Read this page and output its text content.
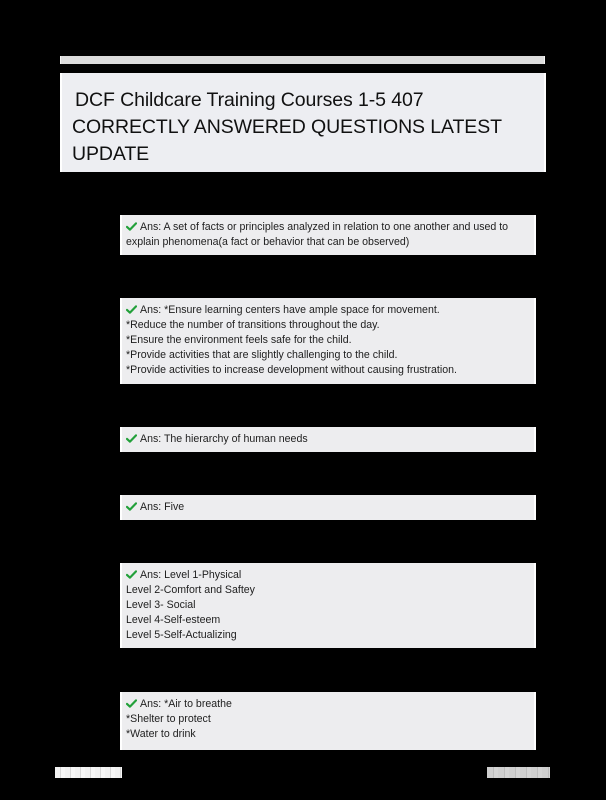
DCF Childcare Training Courses 1-5 407
CORRECTLY ANSWERED QUESTIONS LATEST
UPDATE
Ans: A set of facts or principles analyzed in relation to one another and used to
explain phenomena(a fact or behavior that can be observed)
Ans: *Ensure learning centers have ample space for movement.
*Reduce the number of transitions throughout the day.
*Ensure the environment feels safe for the child.
*Provide activities that are slightly challenging to the child.
*Provide activities to increase development without causing frustration.
Ans: The hierarchy of human needs
Ans: Five
Ans: Level 1-Physical
Level 2-Comfort and Saftey
Level 3- Social
Level 4-Self-esteem
Level 5-Self-Actualizing
Ans: *Air to breathe
*Shelter to protect
*Water to drink
